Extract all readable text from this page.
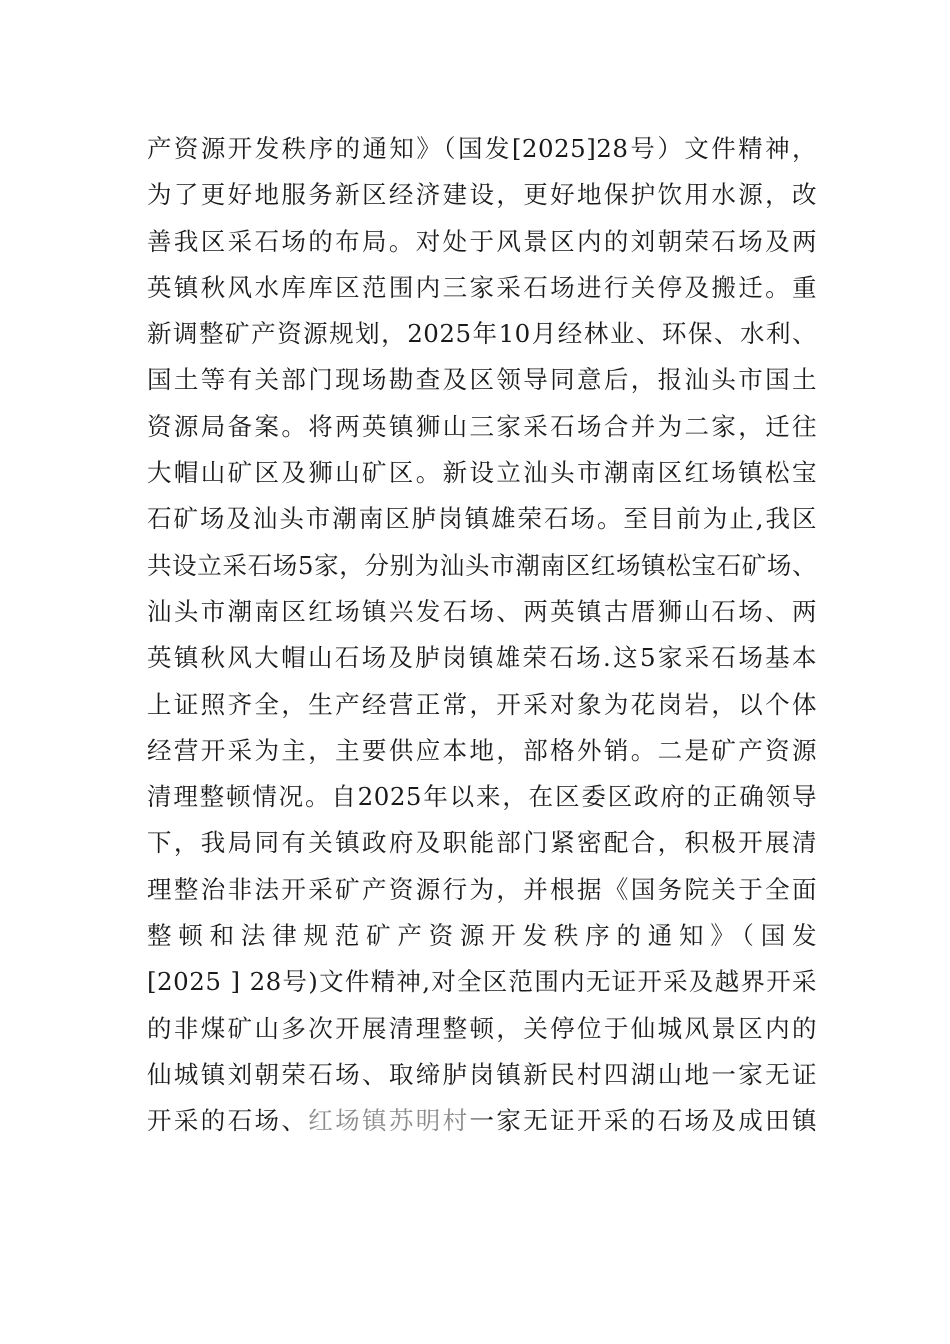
产资源开发秩序的通知》（国发[2025]28号）文件精神，
为了更好地服务新区经济建设，更好地保护饮用水源，改
善我区采石场的布局。对处于风景区内的刘朝荣石场及两
英镇秋风水库库区范围内三家采石场进行关停及搬迁。重
新调整矿产资源规划，2025年10月经林业、环保、水利、
国土等有关部门现场勘查及区领导同意后，报汕头市国土
资源局备案。将两英镇狮山三家采石场合并为二家，迁往
大帽山矿区及狮山矿区。新设立汕头市潮南区红场镇松宝
石矿场及汕头市潮南区胪岗镇雄荣石场。至目前为止,我区
共设立采石场5家，分别为汕头市潮南区红场镇松宝石矿场、
汕头市潮南区红场镇兴发石场、两英镇古厝狮山石场、两
英镇秋风大帽山石场及胪岗镇雄荣石场.这5家采石场基本
上证照齐全，生产经营正常，开采对象为花岗岩，以个体
经营开采为主，主要供应本地，部格外销。二是矿产资源
清理整顿情况。自2025年以来，在区委区政府的正确领导
下，我局同有关镇政府及职能部门紧密配合，积极开展清
理整治非法开采矿产资源行为，并根据《国务院关于全面
整顿和法律规范矿产资源开发秩序的通知》（国发
[2025 ] 28号)文件精神,对全区范围内无证开采及越界开采
的非煤矿山多次开展清理整顿，关停位于仙城风景区内的
仙城镇刘朝荣石场、取缔胪岗镇新民村四湖山地一家无证
开采的石场、红场镇苏明村一家无证开采的石场及成田镇
